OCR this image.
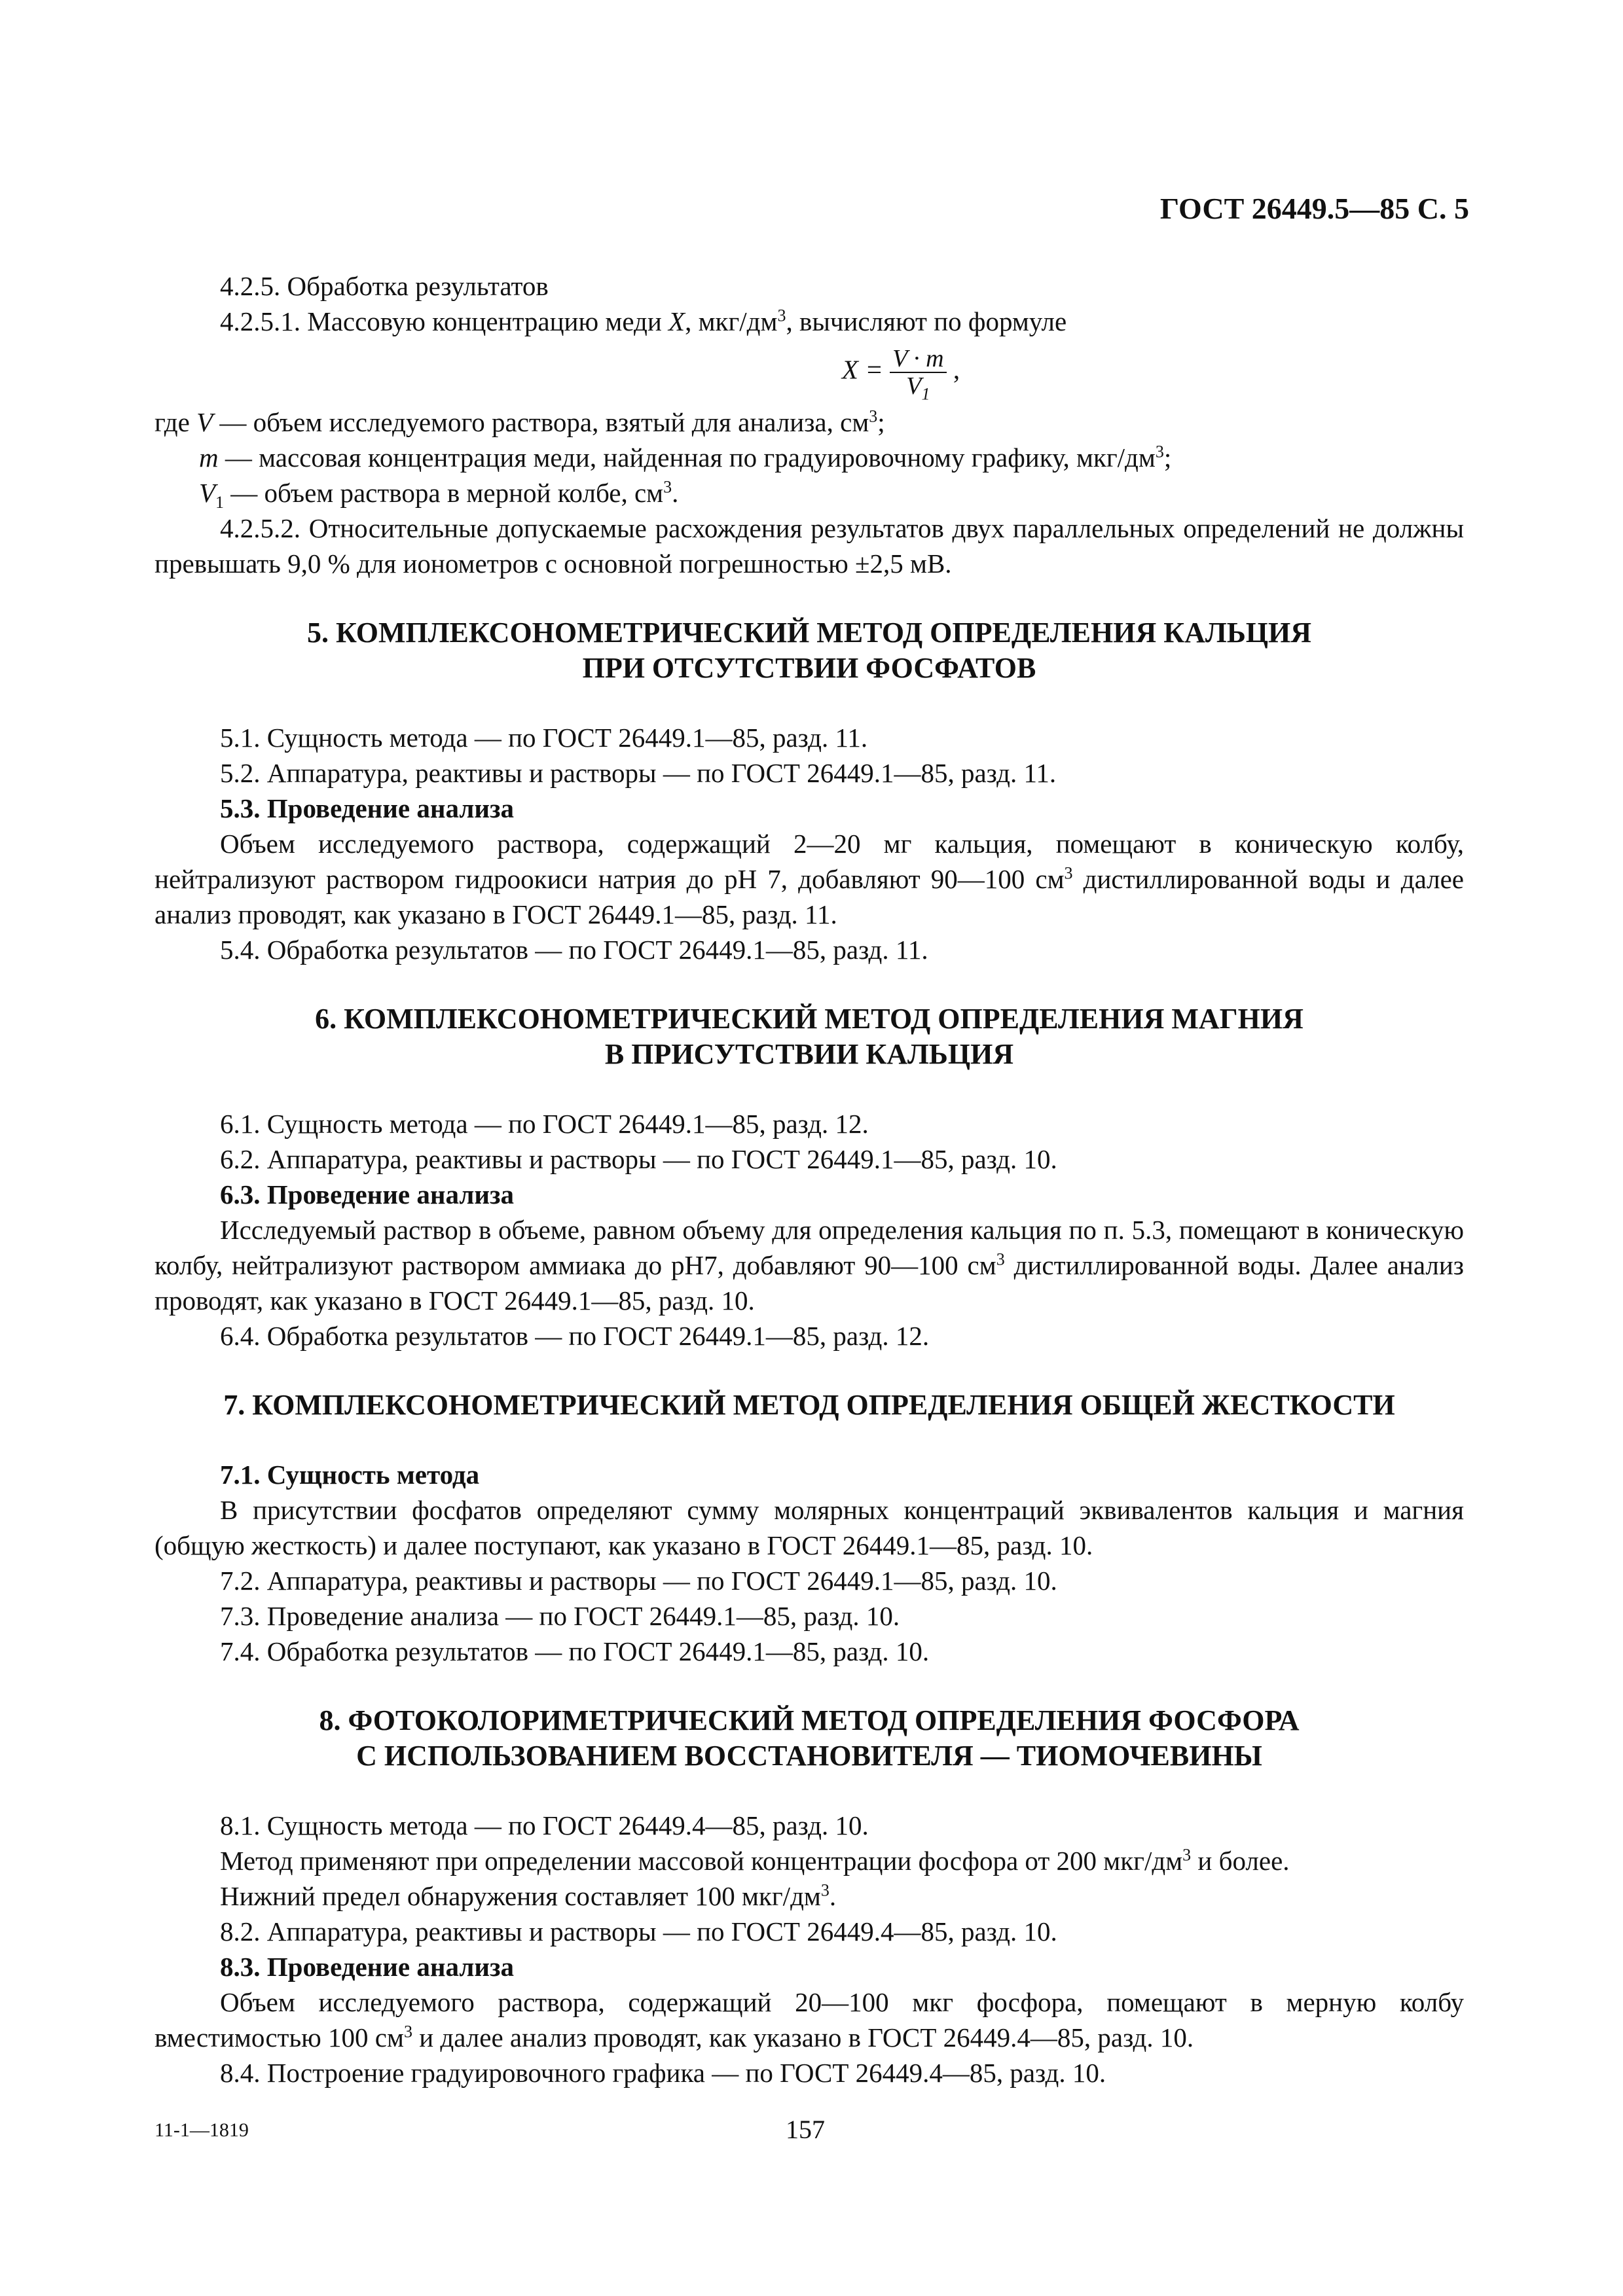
ГОСТ 26449.5—85 С. 5

4.2.5. Обработка результатов

4.2.5.1. Массовую концентрацию меди X, мкг/$дм^3$, вычисляют по формуле

$X = \frac{V \cdot m}{V_1}$ ,

где V — объем исследуемого раствора, взятый для анализа, $см^3$;

m — массовая концентрация меди, найденная по градуировочному графику, мкг/$дм^3$;

$V_1$ — объем раствора в мерной колбе, $см^3$.

4.2.5.2. Относительные допускаемые расхождения результатов двух параллельных определений не должны превышать 9,0 % для ионометров с основной погрешностью ±2,5 мВ.

5. КОМПЛЕКСОНОМЕТРИЧЕСКИЙ МЕТОД ОПРЕДЕЛЕНИЯ КАЛЬЦИЯ
ПРИ ОТСУТСТВИИ ФОСФАТОВ

5.1. Сущность метода — по ГОСТ 26449.1—85, разд. 11.

5.2. Аппаратура, реактивы и растворы — по ГОСТ 26449.1—85, разд. 11.

5.3. Проведение анализа

Объем исследуемого раствора, содержащий 2—20 мг кальция, помещают в коническую колбу, нейтрализуют раствором гидроокиси натрия до рН 7, добавляют 90—100 $см^3$ дистиллированной воды и далее анализ проводят, как указано в ГОСТ 26449.1—85, разд. 11.

5.4. Обработка результатов — по ГОСТ 26449.1—85, разд. 11.

6. КОМПЛЕКСОНОМЕТРИЧЕСКИЙ МЕТОД ОПРЕДЕЛЕНИЯ МАГНИЯ
В ПРИСУТСТВИИ КАЛЬЦИЯ

6.1. Сущность метода — по ГОСТ 26449.1—85, разд. 12.

6.2. Аппаратура, реактивы и растворы — по ГОСТ 26449.1—85, разд. 10.

6.3. Проведение анализа

Исследуемый раствор в объеме, равном объему для определения кальция по п. 5.3, помещают в коническую колбу, нейтрализуют раствором аммиака до рН7, добавляют 90—100 $см^3$ дистиллированной воды. Далее анализ проводят, как указано в ГОСТ 26449.1—85, разд. 10.

6.4. Обработка результатов — по ГОСТ 26449.1—85, разд. 12.

7. КОМПЛЕКСОНОМЕТРИЧЕСКИЙ МЕТОД ОПРЕДЕЛЕНИЯ ОБЩЕЙ ЖЕСТКОСТИ

7.1. Сущность метода

В присутствии фосфатов определяют сумму молярных концентраций эквивалентов кальция и магния (общую жесткость) и далее поступают, как указано в ГОСТ 26449.1—85, разд. 10.

7.2. Аппаратура, реактивы и растворы — по ГОСТ 26449.1—85, разд. 10.

7.3. Проведение анализа — по ГОСТ 26449.1—85, разд. 10.

7.4. Обработка результатов — по ГОСТ 26449.1—85, разд. 10.

8. ФОТОКОЛОРИМЕТРИЧЕСКИЙ МЕТОД ОПРЕДЕЛЕНИЯ ФОСФОРА
С ИСПОЛЬЗОВАНИЕМ ВОССТАНОВИТЕЛЯ — ТИОМОЧЕВИНЫ

8.1. Сущность метода — по ГОСТ 26449.4—85, разд. 10.

Метод применяют при определении массовой концентрации фосфора от 200 мкг/$дм^3$ и более.

Нижний предел обнаружения составляет 100 мкг/$дм^3$.

8.2. Аппаратура, реактивы и растворы — по ГОСТ 26449.4—85, разд. 10.

8.3. Проведение анализа

Объем исследуемого раствора, содержащий 20—100 мкг фосфора, помещают в мерную колбу вместимостью 100 $см^3$ и далее анализ проводят, как указано в ГОСТ 26449.4—85, разд. 10.

8.4. Построение градуировочного графика — по ГОСТ 26449.4—85, разд. 10.

11-1—1819	157
